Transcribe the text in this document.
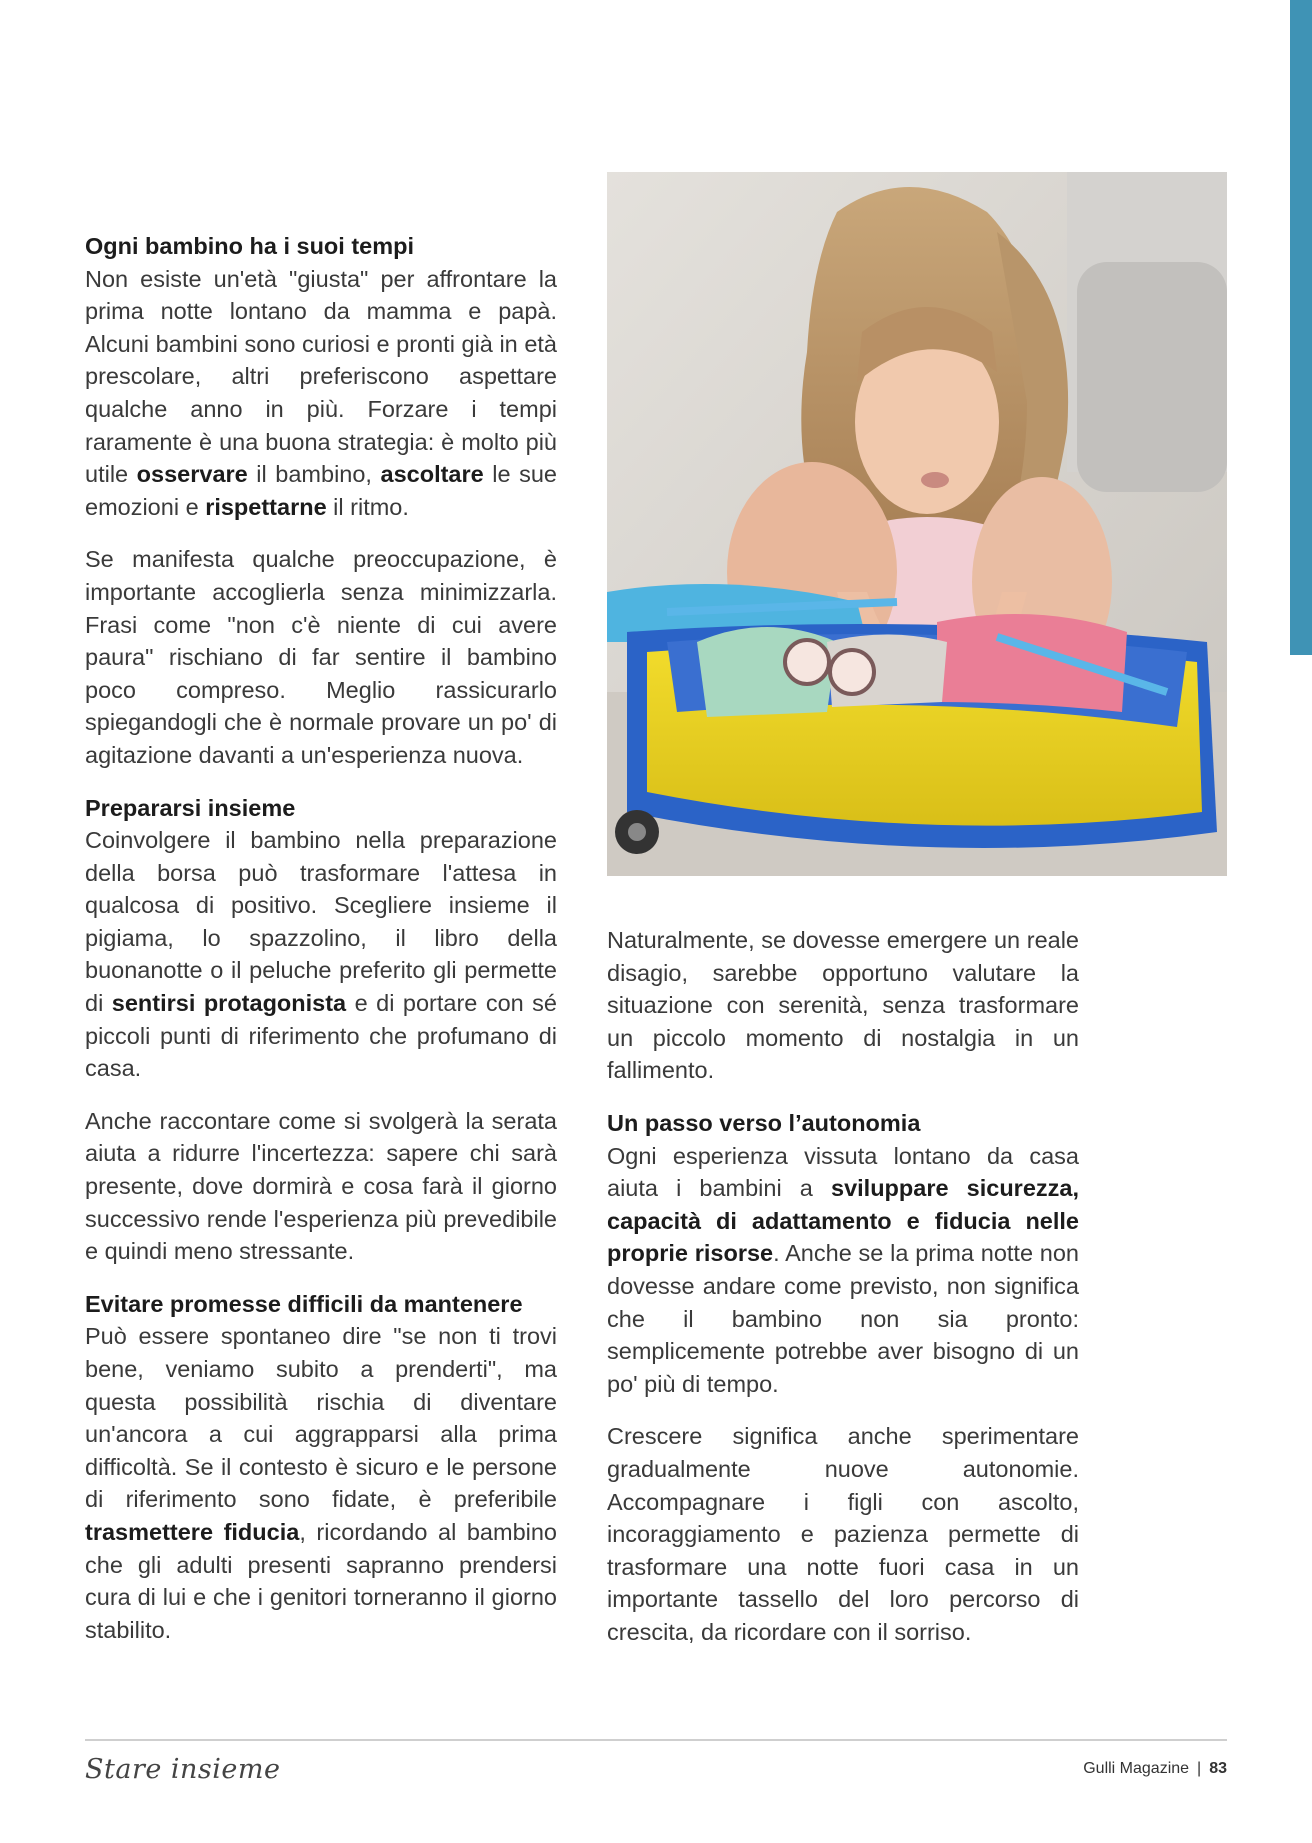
Ogni bambino ha i suoi tempi

Non esiste un'età "giusta" per affrontare la prima notte lontano da mamma e papà. Alcuni bambini sono curiosi e pronti già in età prescolare, altri preferiscono aspettare qualche anno in più. Forzare i tempi raramente è una buona strategia: è molto più utile osservare il bambino, ascoltare le sue emozioni e rispettarne il ritmo.

Se manifesta qualche preoccupazione, è importante accoglierla senza minimizzarla. Frasi come "non c'è niente di cui avere paura" rischiano di far sentire il bambino poco compreso. Meglio rassicurarlo spiegandogli che è normale provare un po' di agitazione davanti a un'esperienza nuova.

Prepararsi insieme

Coinvolgere il bambino nella preparazione della borsa può trasformare l'attesa in qualcosa di positivo. Scegliere insieme il pigiama, lo spazzolino, il libro della buonanotte o il peluche preferito gli permette di sentirsi protagonista e di portare con sé piccoli punti di riferimento che profumano di casa.

Anche raccontare come si svolgerà la serata aiuta a ridurre l'incertezza: sapere chi sarà presente, dove dormirà e cosa farà il giorno successivo rende l'esperienza più prevedibile e quindi meno stressante.

Evitare promesse difficili da mantenere

Può essere spontaneo dire "se non ti trovi bene, veniamo subito a prenderti", ma questa possibilità rischia di diventare un'ancora a cui aggrapparsi alla prima difficoltà. Se il contesto è sicuro e le persone di riferimento sono fidate, è preferibile trasmettere fiducia, ricordando al bambino che gli adulti presenti sapranno prendersi cura di lui e che i genitori torneranno il giorno stabilito.

Naturalmente, se dovesse emergere un reale disagio, sarebbe opportuno valutare la situazione con serenità, senza trasformare un piccolo momento di nostalgia in un fallimento.

Un passo verso l’autonomia

Ogni esperienza vissuta lontano da casa aiuta i bambini a sviluppare sicurezza, capacità di adattamento e fiducia nelle proprie risorse. Anche se la prima notte non dovesse andare come previsto, non significa che il bambino non sia pronto: semplicemente potrebbe aver bisogno di un po' più di tempo.

Crescere significa anche sperimentare gradualmente nuove autonomie. Accompagnare i figli con ascolto, incoraggiamento e pazienza permette di trasformare una notte fuori casa in un importante tassello del loro percorso di crescita, da ricordare con il sorriso.

Stare insieme	Gulli Magazine | 83
